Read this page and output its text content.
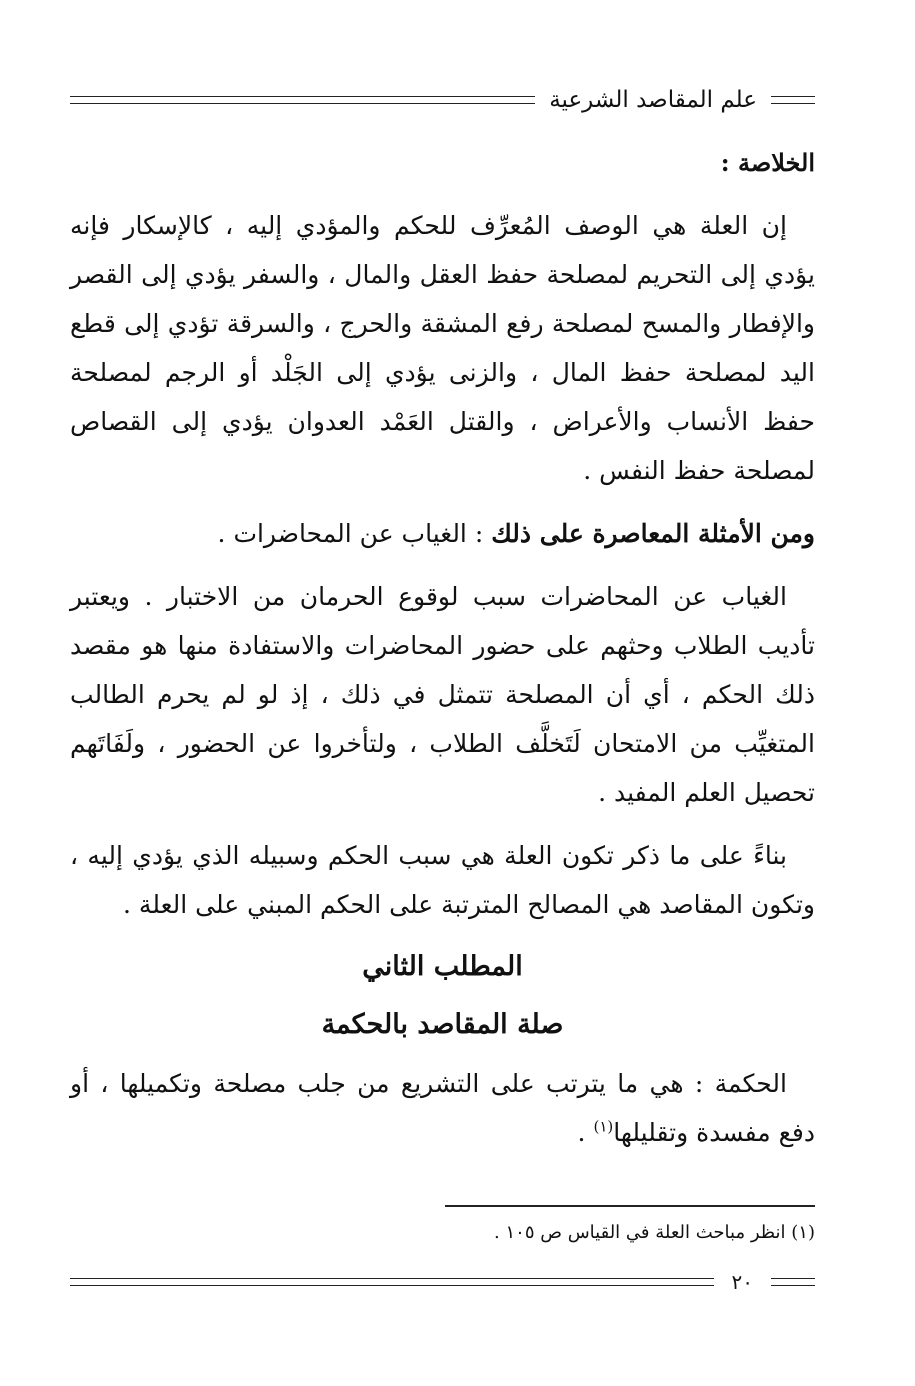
علم المقاصد الشرعية
الخلاصة :

إن العلة هي الوصف المُعرِّف للحكم والمؤدي إليه ، كالإسكار فإنه يؤدي إلى التحريم لمصلحة حفظ العقل والمال ، والسفر يؤدي إلى القصر والإفطار والمسح لمصلحة رفع المشقة والحرج ، والسرقة تؤدي إلى قطع اليد لمصلحة حفظ المال ، والزنى يؤدي إلى الجَلْد أو الرجم لمصلحة حفظ الأنساب والأعراض ، والقتل العَمْد العدوان يؤدي إلى القصاص لمصلحة حفظ النفس .

ومن الأمثلة المعاصرة على ذلك : الغياب عن المحاضرات .

الغياب عن المحاضرات سبب لوقوع الحرمان من الاختبار . ويعتبر تأديب الطلاب وحثهم على حضور المحاضرات والاستفادة منها هو مقصد ذلك الحكم ، أي أن المصلحة تتمثل في ذلك ، إذ لو لم يحرم الطالب المتغيِّب من الامتحان لَتَخلَّف الطلاب ، ولتأخروا عن الحضور ، ولَفَاتَهم تحصيل العلم المفيد .

بناءً على ما ذكر تكون العلة هي سبب الحكم وسبيله الذي يؤدي إليه ، وتكون المقاصد هي المصالح المترتبة على الحكم المبني على العلة .

المطلب الثاني
صلة المقاصد بالحكمة

الحكمة : هي ما يترتب على التشريع من جلب مصلحة وتكميلها ، أو دفع مفسدة وتقليلها$^{(١)}$ .

(١) انظر مباحث العلة في القياس ص ١٠٥ .
٢٠
